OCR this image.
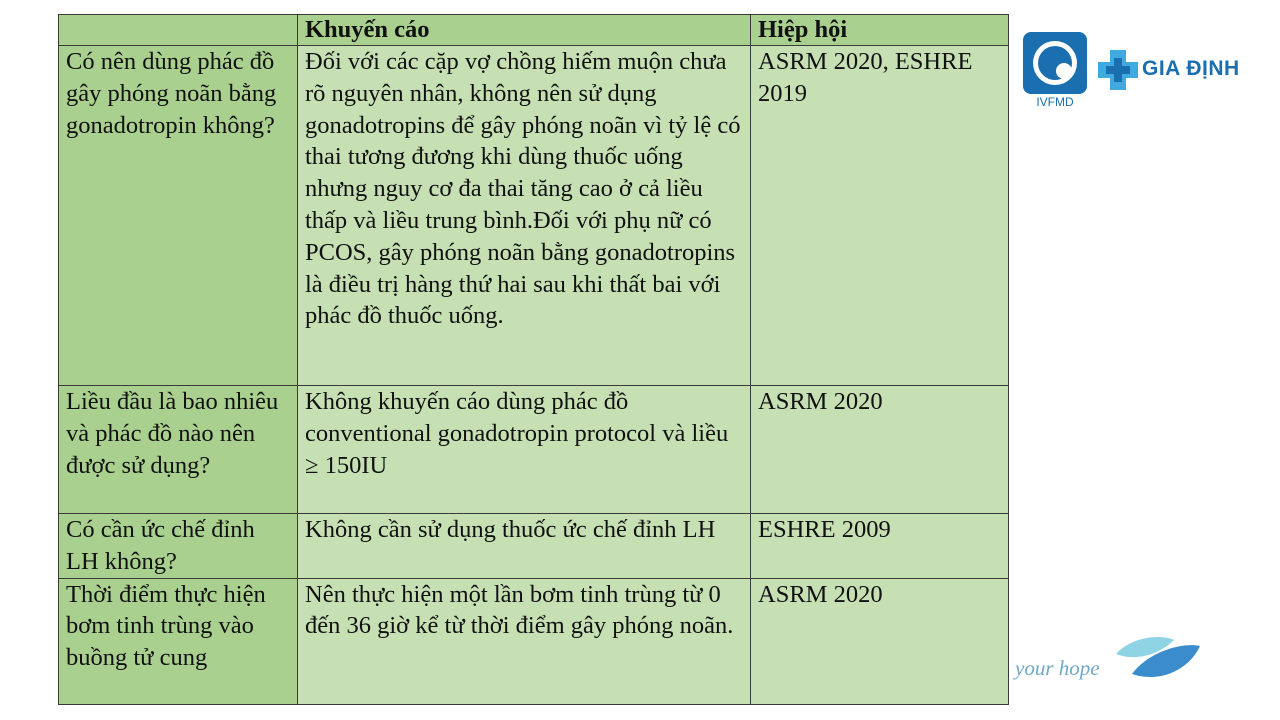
	Khuyến cáo	Hiệp hội
Có nên dùng phác đồ gây phóng noãn bằng gonadotropin không?	Đối với các cặp vợ chồng hiếm muộn chưa rõ nguyên nhân, không nên sử dụng gonadotropins để gây phóng noãn vì tỷ lệ có thai tương đương khi dùng thuốc uống nhưng nguy cơ đa thai tăng cao ở cả liều thấp và liều trung bình.Đối với phụ nữ có PCOS, gây phóng noãn bằng gonadotropins là điều trị hàng thứ hai sau khi thất bai với phác đồ thuốc uống.	ASRM 2020, ESHRE 2019
Liều đầu là bao nhiêu và phác đồ nào nên được sử dụng?	Không khuyến cáo dùng phác đồ conventional gonadotropin protocol và liều ≥ 150IU	ASRM 2020
Có cần ức chế đỉnh LH không?	Không cần sử dụng thuốc ức chế đỉnh LH	ESHRE 2009
Thời điểm thực hiện bơm tinh trùng vào buồng tử cung	Nên thực hiện một lần bơm tinh trùng từ 0 đến 36 giờ kể từ thời điểm gây phóng noãn.	ASRM 2020
IVFMD
GIA ĐỊNH
your hope
